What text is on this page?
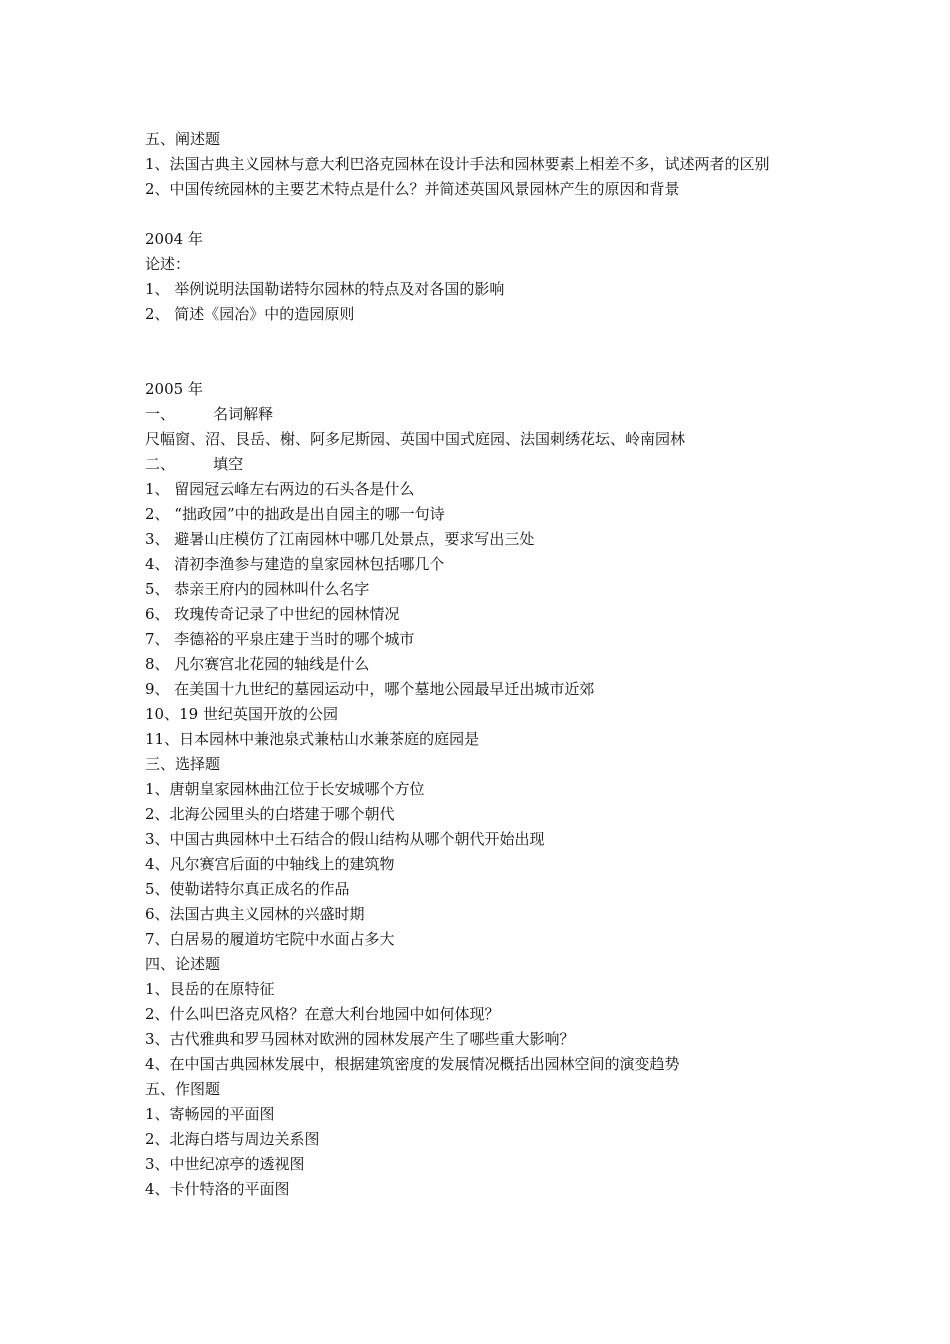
五、阐述题
1、法国古典主义园林与意大利巴洛克园林在设计手法和园林要素上相差不多，试述两者的区别
2、中国传统园林的主要艺术特点是什么？并简述英国风景园林产生的原因和背景
2004 年
论述：
1、 举例说明法国勒诺特尔园林的特点及对各国的影响
2、 简述《园冶》中的造园原则
2005 年
一、        名词解释
尺幅窗、沼、艮岳、榭、阿多尼斯园、英国中国式庭园、法国刺绣花坛、岭南园林
二、        填空
1、 留园冠云峰左右两边的石头各是什么
2、 “拙政园”中的拙政是出自园主的哪一句诗
3、 避暑山庄模仿了江南园林中哪几处景点，要求写出三处
4、 清初李渔参与建造的皇家园林包括哪几个
5、 恭亲王府内的园林叫什么名字
6、 玫瑰传奇记录了中世纪的园林情况
7、 李德裕的平泉庄建于当时的哪个城市
8、 凡尔赛宫北花园的轴线是什么
9、 在美国十九世纪的墓园运动中，哪个墓地公园最早迁出城市近郊
10、19 世纪英国开放的公园
11、日本园林中兼池泉式兼枯山水兼茶庭的庭园是
三、选择题
1、唐朝皇家园林曲江位于长安城哪个方位
2、北海公园里头的白塔建于哪个朝代
3、中国古典园林中土石结合的假山结构从哪个朝代开始出现
4、凡尔赛宫后面的中轴线上的建筑物
5、使勒诺特尔真正成名的作品
6、法国古典主义园林的兴盛时期
7、白居易的履道坊宅院中水面占多大
四、论述题
1、艮岳的在原特征
2、什么叫巴洛克风格？在意大利台地园中如何体现？
3、古代雅典和罗马园林对欧洲的园林发展产生了哪些重大影响？
4、在中国古典园林发展中，根据建筑密度的发展情况概括出园林空间的演变趋势
五、作图题
1、寄畅园的平面图
2、北海白塔与周边关系图
3、中世纪凉亭的透视图
4、卡什特洛的平面图
